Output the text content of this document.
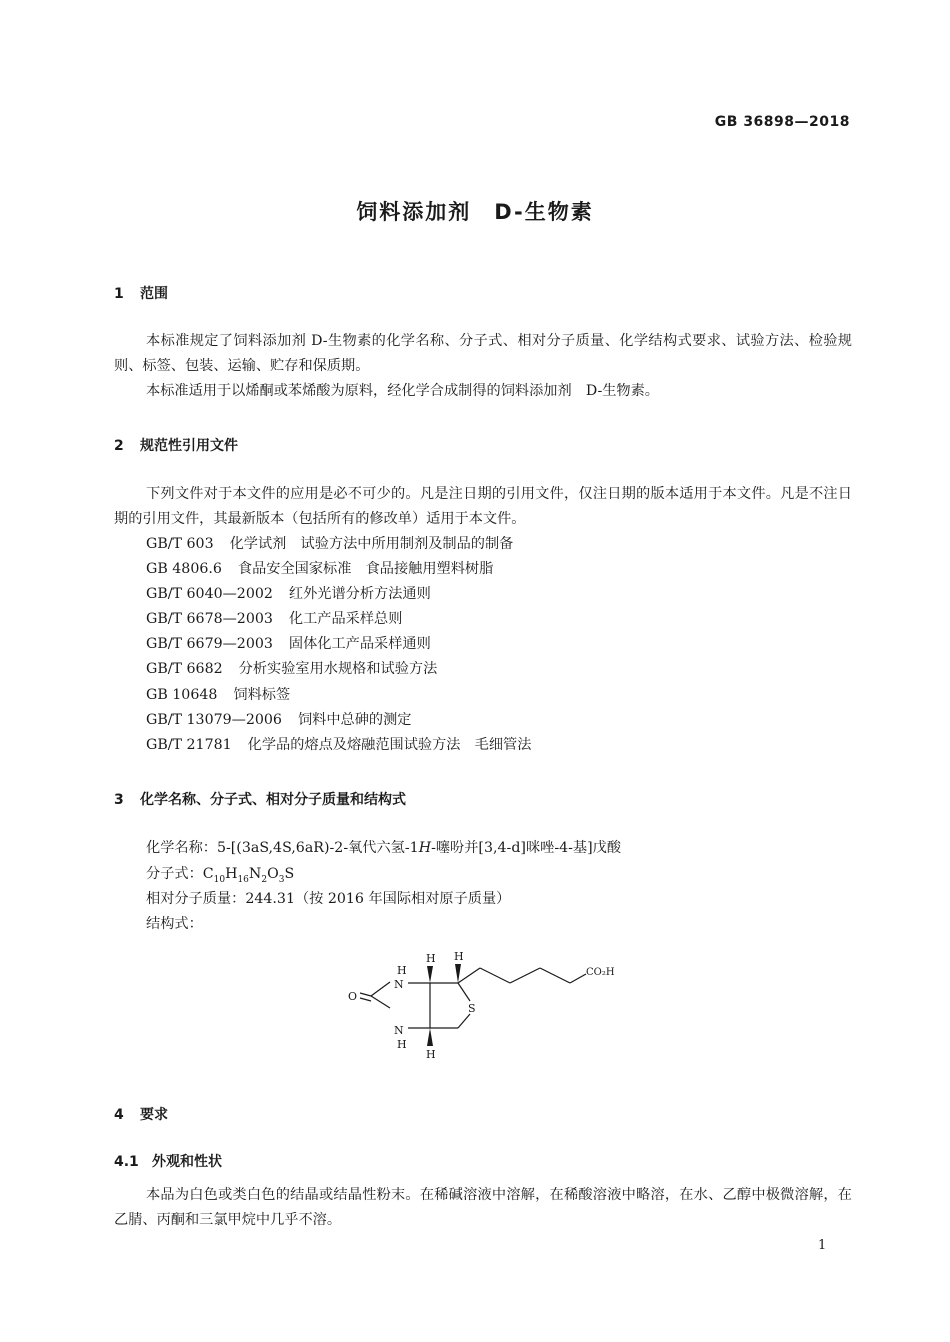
GB 36898—2018
饲料添加剂　D-生物素
1 范围

本标准规定了饲料添加剂 D-生物素的化学名称、分子式、相对分子质量、化学结构式要求、试验方法、检验规则、标签、包装、运输、贮存和保质期。

本标准适用于以烯酮或苯烯酸为原料，经化学合成制得的饲料添加剂　D-生物素。

2 规范性引用文件

下列文件对于本文件的应用是必不可少的。凡是注日期的引用文件，仅注日期的版本适用于本文件。凡是不注日期的引用文件，其最新版本（包括所有的修改单）适用于本文件。

GB/T 603 化学试剂　试验方法中所用制剂及制品的制备
GB 4806.6 食品安全国家标准　食品接触用塑料树脂
GB/T 6040—2002 红外光谱分析方法通则
GB/T 6678—2003 化工产品采样总则
GB/T 6679—2003 固体化工产品采样通则
GB/T 6682 分析实验室用水规格和试验方法
GB 10648 饲料标签
GB/T 13079—2006 饲料中总砷的测定
GB/T 21781 化学品的熔点及熔融范围试验方法　毛细管法
3 化学名称、分子式、相对分子质量和结构式
化学名称：5-[(3aS,4S,6aR)-2-氧代六氢-1H-噻吩并[3,4-d]咪唑-4-基]戊酸
分子式：$C_{10}H_{16}N_2O_3S$
相对分子质量：244.31（按 2016 年国际相对原子质量）
结构式：
H
N
H H
O
S
N
H
H
CO₂H
4 要求
4.1 外观和性状

本品为白色或类白色的结晶或结晶性粉末。在稀碱溶液中溶解，在稀酸溶液中略溶，在水、乙醇中极微溶解，在乙腈、丙酮和三氯甲烷中几乎不溶。

1
